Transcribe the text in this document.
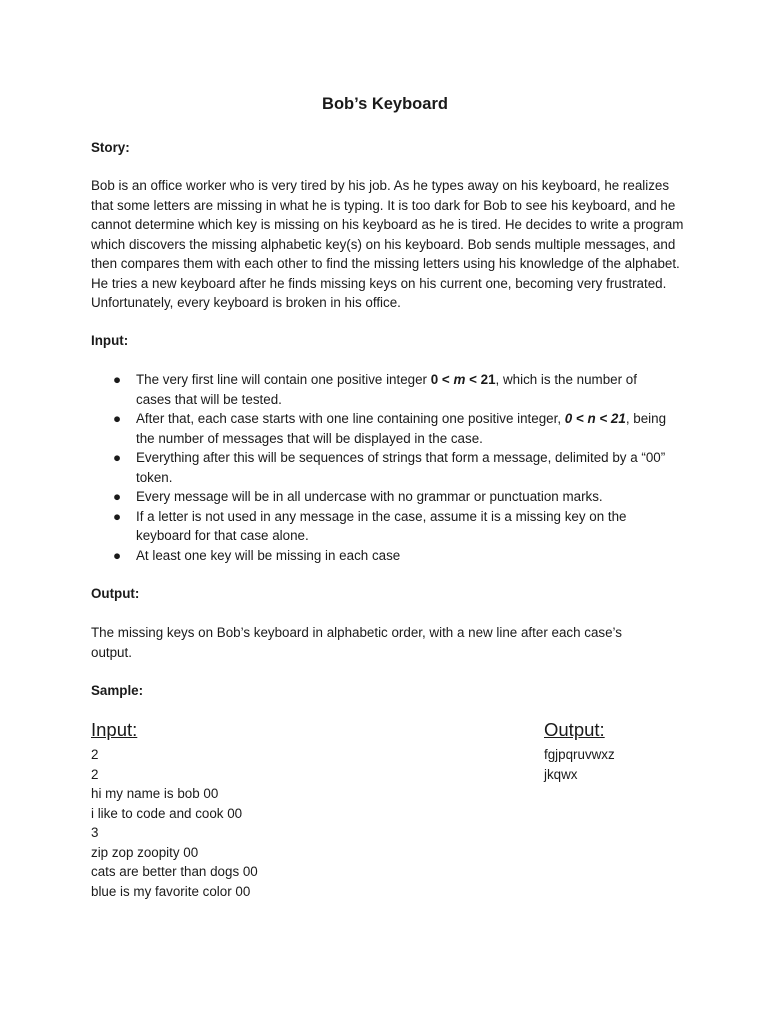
Bob’s Keyboard
Story:
Bob is an office worker who is very tired by his job. As he types away on his keyboard, he realizes that some letters are missing in what he is typing. It is too dark for Bob to see his keyboard, and he cannot determine which key is missing on his keyboard as he is tired. He decides to write a program which discovers the missing alphabetic key(s) on his keyboard. Bob sends multiple messages, and then compares them with each other to find the missing letters using his knowledge of the alphabet. He tries a new keyboard after he finds missing keys on his current one, becoming very frustrated. Unfortunately, every keyboard is broken in his office.
Input:
● The very first line will contain one positive integer 0 < m < 21, which is the number of cases that will be tested.
● After that, each case starts with one line containing one positive integer, 0 < n < 21, being the number of messages that will be displayed in the case.
● Everything after this will be sequences of strings that form a message, delimited by a “00” token.
● Every message will be in all undercase with no grammar or punctuation marks.
● If a letter is not used in any message in the case, assume it is a missing key on the keyboard for that case alone.
● At least one key will be missing in each case
Output:
The missing keys on Bob’s keyboard in alphabetic order, with a new line after each case’s output.
Sample:
Input:	Output:
2
2
hi my name is bob 00
i like to code and cook 00
3
zip zop zoopity 00
cats are better than dogs 00
blue is my favorite color 00
fgjpqruvwxz
jkqwx
